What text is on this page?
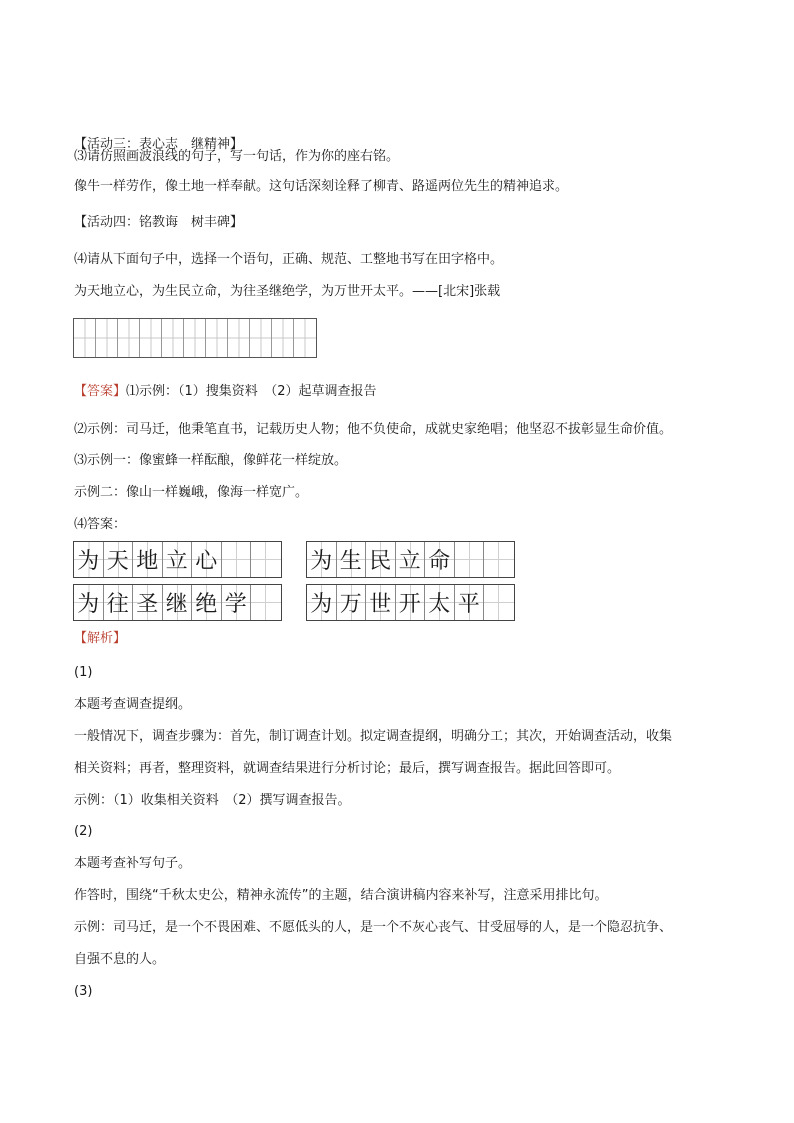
【活动三：表心志　继精神】
⑶请仿照画波浪线的句子，写一句话，作为你的座右铭。
像牛一样劳作，像土地一样奉献。这句话深刻诠释了柳青、路遥两位先生的精神追求。
【活动四：铭教诲　树丰碑】
⑷请从下面句子中，选择一个语句，正确、规范、工整地书写在田字格中。
为天地立心，为生民立命，为往圣继绝学，为万世开太平。——[北宋]张载
【答案】⑴示例：（1）搜集资料　（2）起草调查报告
⑵示例：司马迁，他秉笔直书，记载历史人物；他不负使命，成就史家绝唱；他坚忍不拔彰显生命价值。
⑶示例一：像蜜蜂一样酝酿，像鲜花一样绽放。
示例二：像山一样巍峨，像海一样宽广。
⑷答案：
为 天 地 立 心	为 生 民 立 命
为 往 圣 继 绝 学	为 万 世 开 太 平
【解析】
(1)
本题考查调查提纲。
一般情况下，调查步骤为：首先，制订调查计划。拟定调查提纲，明确分工；其次，开始调查活动，收集
相关资料；再者，整理资料，就调查结果进行分析讨论；最后，撰写调查报告。据此回答即可。
示例：（1）收集相关资料　（2）撰写调查报告。
(2)
本题考查补写句子。
作答时，围绕“千秋太史公，精神永流传”的主题，结合演讲稿内容来补写，注意采用排比句。
示例：司马迁，是一个不畏困难、不愿低头的人，是一个不灰心丧气、甘受屈辱的人，是一个隐忍抗争、
自强不息的人。
(3)
